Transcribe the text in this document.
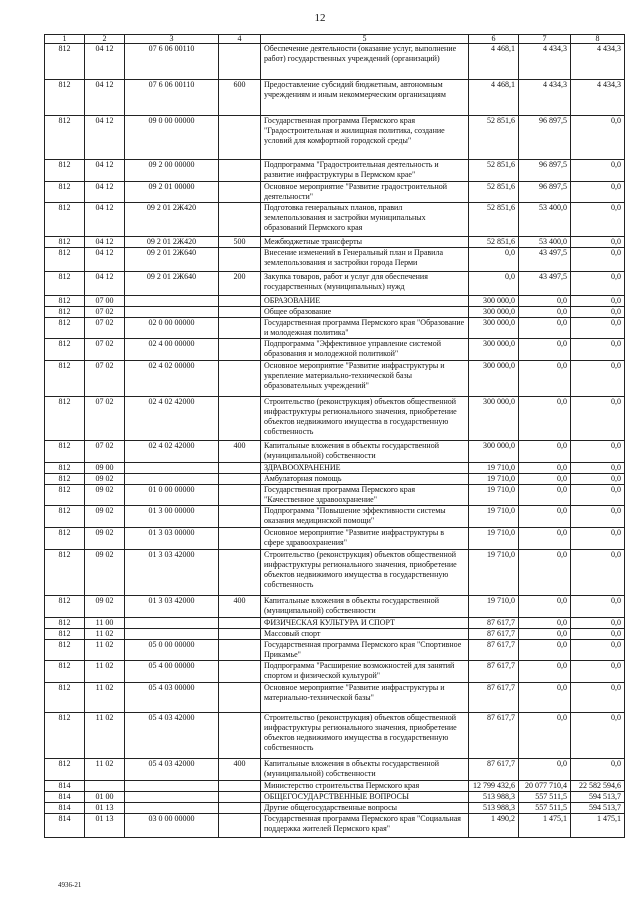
12
1	2	3	4	5	6	7	8
812	04 12	07 6 06 00110		Обеспечение деятельности (оказание услуг, выполнение работ) государственных учреждений (организаций)	4 468,1	4 434,3	4 434,3
812	04 12	07 6 06 00110	600	Предоставление субсидий бюджетным, автономным учреждениям и иным некоммерческим организациям	4 468,1	4 434,3	4 434,3
812	04 12	09 0 00 00000		Государственная программа Пермского края "Градостроительная и жилищная политика, создание условий для комфортной городской среды"	52 851,6	96 897,5	0,0
812	04 12	09 2 00 00000		Подпрограмма "Градостроительная деятельность и развитие инфраструктуры в Пермском крае"	52 851,6	96 897,5	0,0
812	04 12	09 2 01 00000		Основное мероприятие "Развитие градостроительной деятельности"	52 851,6	96 897,5	0,0
812	04 12	09 2 01 2Ж420		Подготовка генеральных планов, правил землепользования и застройки муниципальных образований Пермского края	52 851,6	53 400,0	0,0
812	04 12	09 2 01 2Ж420	500	Межбюджетные трансферты	52 851,6	53 400,0	0,0
812	04 12	09 2 01 2Ж640		Внесение изменений в Генеральный план и Правила землепользования и застройки города Перми	0,0	43 497,5	0,0
812	04 12	09 2 01 2Ж640	200	Закупка товаров, работ и услуг для обеспечения государственных (муниципальных) нужд	0,0	43 497,5	0,0
812	07 00			ОБРАЗОВАНИЕ	300 000,0	0,0	0,0
812	07 02			Общее образование	300 000,0	0,0	0,0
812	07 02	02 0 00 00000		Государственная программа Пермского края "Образование и молодежная политика"	300 000,0	0,0	0,0
812	07 02	02 4 00 00000		Подпрограмма "Эффективное управление системой образования и молодежной политикой"	300 000,0	0,0	0,0
812	07 02	02 4 02 00000		Основное мероприятие "Развитие инфраструктуры и укрепление материально-технической базы образовательных учреждений"	300 000,0	0,0	0,0
812	07 02	02 4 02 42000		Строительство (реконструкция) объектов общественной инфраструктуры регионального значения, приобретение объектов недвижимого имущества в государственную собственность	300 000,0	0,0	0,0
812	07 02	02 4 02 42000	400	Капитальные вложения в объекты государственной (муниципальной) собственности	300 000,0	0,0	0,0
812	09 00			ЗДРАВООХРАНЕНИЕ	19 710,0	0,0	0,0
812	09 02			Амбулаторная помощь	19 710,0	0,0	0,0
812	09 02	01 0 00 00000		Государственная программа Пермского края "Качественное здравоохранение"	19 710,0	0,0	0,0
812	09 02	01 3 00 00000		Подпрограмма "Повышение эффективности системы оказания медицинской помощи"	19 710,0	0,0	0,0
812	09 02	01 3 03 00000		Основное мероприятие "Развитие инфраструктуры в сфере здравоохранения"	19 710,0	0,0	0,0
812	09 02	01 3 03 42000		Строительство (реконструкция) объектов общественной инфраструктуры регионального значения, приобретение объектов недвижимого имущества в государственную собственность	19 710,0	0,0	0,0
812	09 02	01 3 03 42000	400	Капитальные вложения в объекты государственной (муниципальной) собственности	19 710,0	0,0	0,0
812	11 00			ФИЗИЧЕСКАЯ КУЛЬТУРА И СПОРТ	87 617,7	0,0	0,0
812	11 02			Массовый спорт	87 617,7	0,0	0,0
812	11 02	05 0 00 00000		Государственная программа Пермского края "Спортивное Прикамье"	87 617,7	0,0	0,0
812	11 02	05 4 00 00000		Подпрограмма "Расширение возможностей для занятий спортом и физической культурой"	87 617,7	0,0	0,0
812	11 02	05 4 03 00000		Основное мероприятие "Развитие инфраструктуры и материально-технической базы"	87 617,7	0,0	0,0
812	11 02	05 4 03 42000		Строительство (реконструкция) объектов общественной инфраструктуры регионального значения, приобретение объектов недвижимого имущества в государственную собственность	87 617,7	0,0	0,0
812	11 02	05 4 03 42000	400	Капитальные вложения в объекты государственной (муниципальной) собственности	87 617,7	0,0	0,0
814				Министерство строительства Пермского края	12 799 432,6	20 077 710,4	22 582 594,6
814	01 00			ОБЩЕГОСУДАРСТВЕННЫЕ ВОПРОСЫ	513 988,3	557 511,5	594 513,7
814	01 13			Другие общегосударственные вопросы	513 988,3	557 511,5	594 513,7
814	01 13	03 0 00 00000		Государственная программа Пермского края "Социальная поддержка жителей Пермского края"	1 490,2	1 475,1	1 475,1
4936-21
